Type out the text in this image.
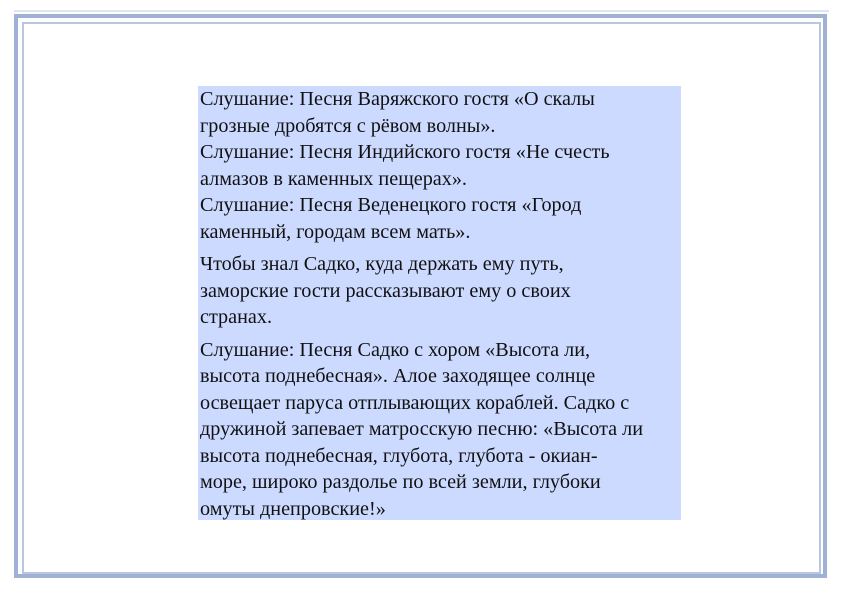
Слушание: Песня Варяжского гостя «О скалы
грозные дробятся с рёвом волны».

Слушание: Песня Индийского гостя «Не счесть
алмазов в каменных пещерах».

Слушание: Песня Веденецкого гостя «Город
каменный, городам всем мать».

Чтобы знал Садко, куда держать ему путь,
заморские гости рассказывают ему о своих
странах.

Слушание: Песня Садко с хором «Высота ли,
высота поднебесная». Алое заходящее солнце
освещает паруса отплывающих кораблей. Садко с
дружиной запевает матросскую песню: «Высота ли
высота поднебесная, глубота, глубота - окиан-
море, широко раздолье по всей земли, глубоки
омуты днепровские!»
